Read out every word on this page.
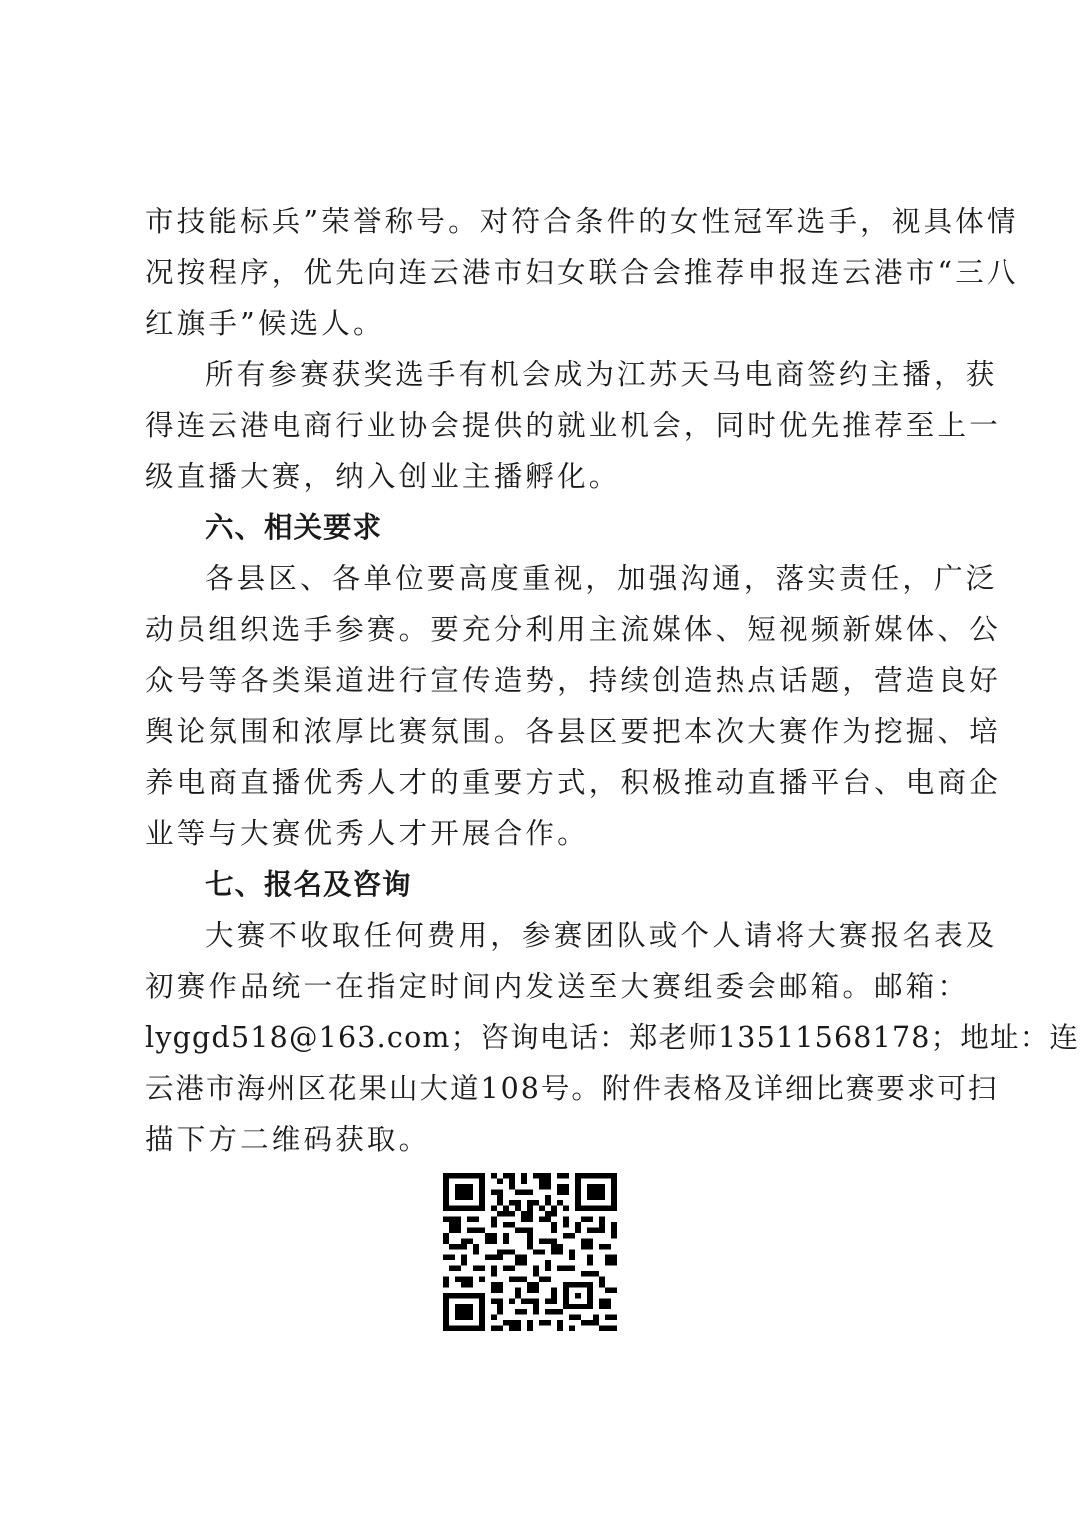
市技能标兵”荣誉称号。对符合条件的女性冠军选手，视具体情
况按程序，优先向连云港市妇女联合会推荐申报连云港市“三八
红旗手”候选人。
所有参赛获奖选手有机会成为江苏天马电商签约主播，获
得连云港电商行业协会提供的就业机会，同时优先推荐至上一
级直播大赛，纳入创业主播孵化。
六、相关要求
各县区、各单位要高度重视，加强沟通，落实责任，广泛
动员组织选手参赛。要充分利用主流媒体、短视频新媒体、公
众号等各类渠道进行宣传造势，持续创造热点话题，营造良好
舆论氛围和浓厚比赛氛围。各县区要把本次大赛作为挖掘、培
养电商直播优秀人才的重要方式，积极推动直播平台、电商企
业等与大赛优秀人才开展合作。
七、报名及咨询
大赛不收取任何费用，参赛团队或个人请将大赛报名表及
初赛作品统一在指定时间内发送至大赛组委会邮箱。邮箱：
lyggd518@163.com；咨询电话：郑老师13511568178；地址：连
云港市海州区花果山大道108号。附件表格及详细比赛要求可扫
描下方二维码获取。
